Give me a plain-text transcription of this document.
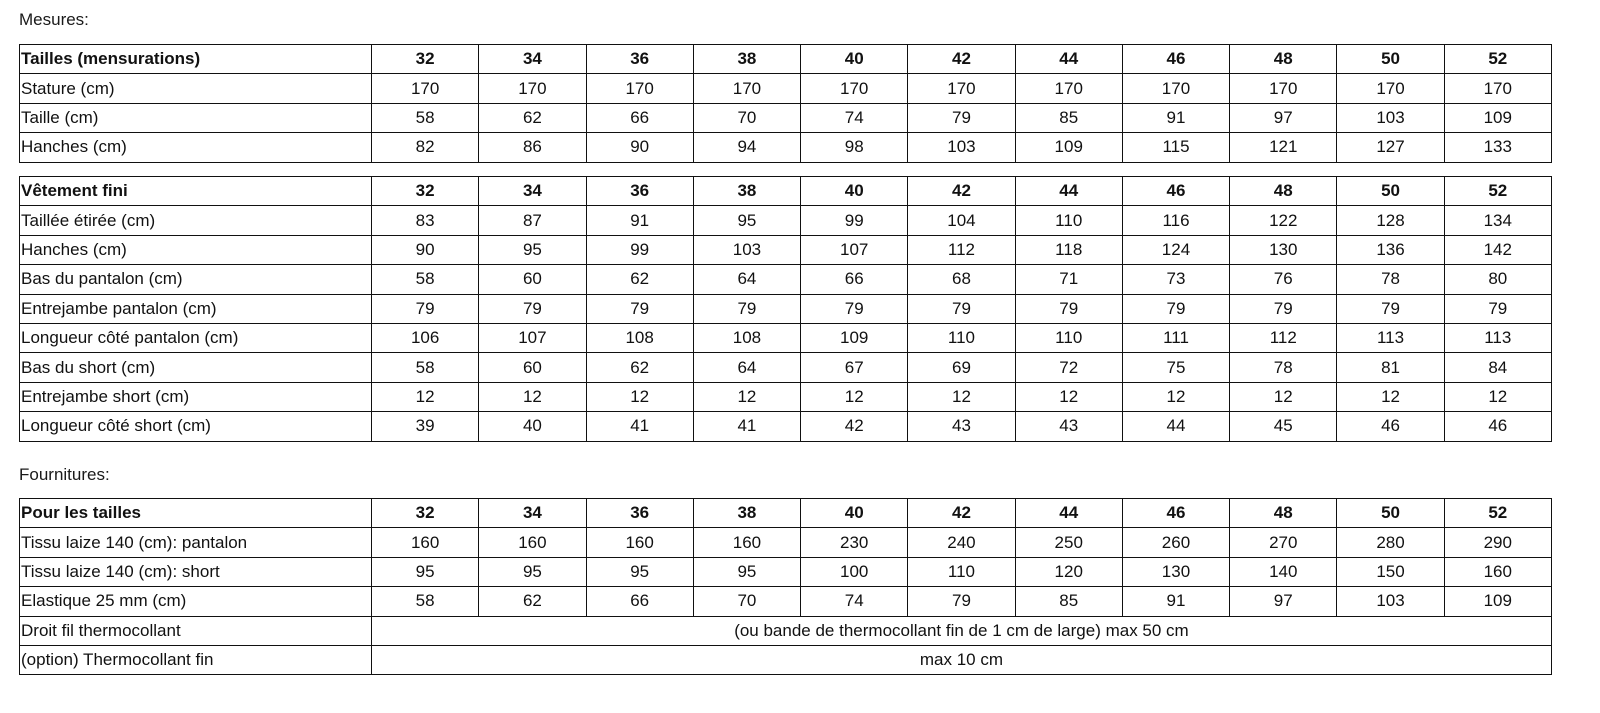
Mesures:
Tailles (mensurations)	32	34	36	38	40	42	44	46	48	50	52
Stature (cm)	170	170	170	170	170	170	170	170	170	170	170
Taille (cm)	58	62	66	70	74	79	85	91	97	103	109
Hanches (cm)	82	86	90	94	98	103	109	115	121	127	133
Vêtement fini	32	34	36	38	40	42	44	46	48	50	52
Taillée étirée (cm)	83	87	91	95	99	104	110	116	122	128	134
Hanches (cm)	90	95	99	103	107	112	118	124	130	136	142
Bas du pantalon (cm)	58	60	62	64	66	68	71	73	76	78	80
Entrejambe pantalon (cm)	79	79	79	79	79	79	79	79	79	79	79
Longueur côté pantalon (cm)	106	107	108	108	109	110	110	111	112	113	113
Bas du short (cm)	58	60	62	64	67	69	72	75	78	81	84
Entrejambe short (cm)	12	12	12	12	12	12	12	12	12	12	12
Longueur côté short (cm)	39	40	41	41	42	43	43	44	45	46	46
Fournitures:
Pour les tailles	32	34	36	38	40	42	44	46	48	50	52
Tissu laize 140 (cm): pantalon	160	160	160	160	230	240	250	260	270	280	290
Tissu laize 140 (cm): short	95	95	95	95	100	110	120	130	140	150	160
Elastique 25 mm (cm)	58	62	66	70	74	79	85	91	97	103	109
Droit fil thermocollant	(ou bande de thermocollant fin de 1 cm de large) max 50 cm										
(option) Thermocollant fin	max 10 cm										
